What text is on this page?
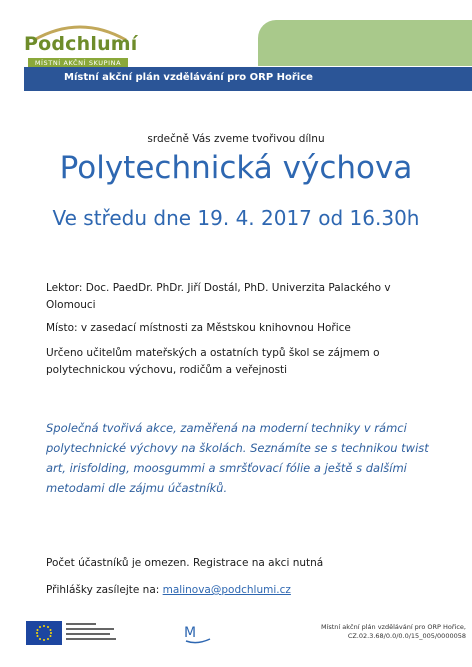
Podchlumí
MÍSTNÍ AKČNÍ SKUPINA
Místní akční plán vzdělávání pro ORP Hořice
srdečně Vás zveme tvořivou dílnu
Polytechnická výchova
Ve středu dne 19. 4. 2017 od 16.30h
Lektor: Doc. PaedDr. PhDr. Jiří Dostál, PhD. Univerzita Palackého v Olomouci
Místo: v zasedací místnosti za Městskou knihovnou Hořice
Určeno učitelům mateřských a ostatních typů škol se zájmem o polytechnickou výchovu, rodičům a veřejnosti
Společná tvořivá akce, zaměřená na moderní techniky v rámci polytechnické výchovy na školách. Seznámíte se s technikou twist art, irisfolding, moosgummi a smršťovací fólie a ještě s dalšími metodami dle zájmu účastníků.
Počet účastníků je omezen. Registrace na akci nutná
Přihlášky zasílejte na: malinova@podchlumi.cz
M	Místní akční plán vzdělávání pro ORP Hořice,
CZ.02.3.68/0.0/0.0/15_005/0000058
